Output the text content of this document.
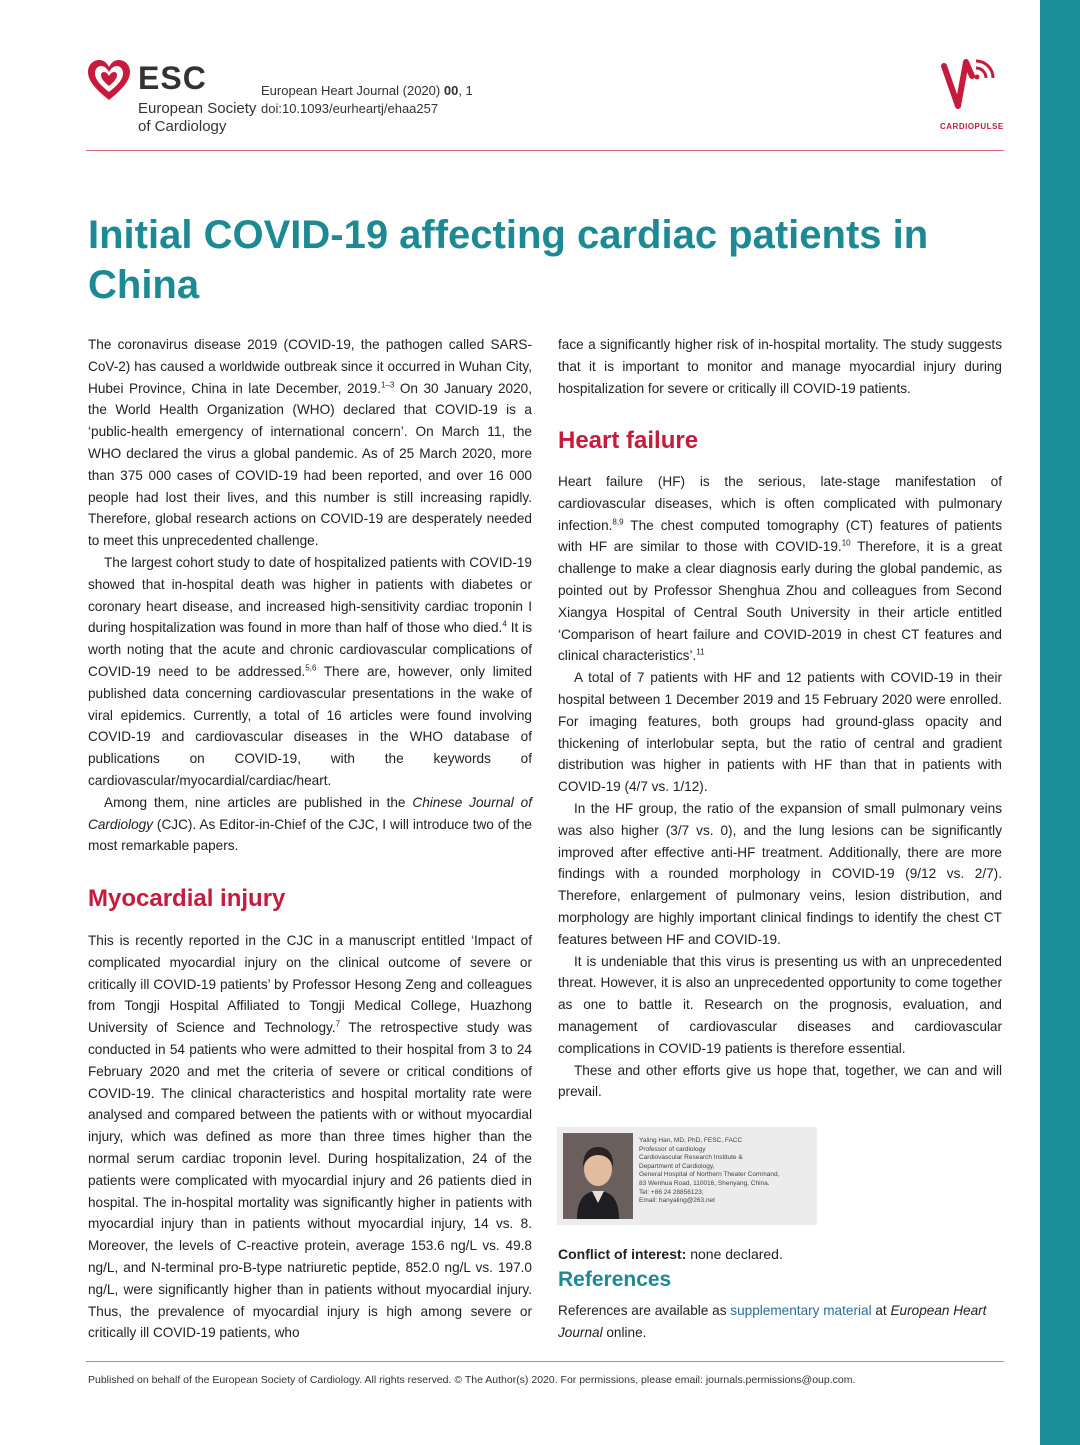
ESC
European Society
of Cardiology
European Heart Journal (2020) 00, 1
doi:10.1093/eurheartj/ehaa257
CARDIOPULSE
Initial COVID-19 affecting cardiac patients in China

The coronavirus disease 2019 (COVID-19, the pathogen called SARS-CoV-2) has caused a worldwide outbreak since it occurred in Wuhan City, Hubei Province, China in late December, 2019.$^{1-3}$ On 30 January 2020, the World Health Organization (WHO) declared that COVID-19 is a ‘public-health emergency of international concern’. On March 11, the WHO declared the virus a global pandemic. As of 25 March 2020, more than 375 000 cases of COVID-19 had been reported, and over 16 000 people had lost their lives, and this number is still increasing rapidly. Therefore, global research actions on COVID-19 are desperately needed to meet this unprecedented challenge.

The largest cohort study to date of hospitalized patients with COVID-19 showed that in-hospital death was higher in patients with diabetes or coronary heart disease, and increased high-sensitivity cardiac troponin I during hospitalization was found in more than half of those who died.$^4$ It is worth noting that the acute and chronic cardiovascular complications of COVID-19 need to be addressed.$^{5,6}$ There are, however, only limited published data concerning cardiovascular presentations in the wake of viral epidemics. Currently, a total of 16 articles were found involving COVID-19 and cardiovascular diseases in the WHO database of publications on COVID-19, with the keywords of cardiovascular/myocardial/cardiac/heart.

Among them, nine articles are published in the Chinese Journal of Cardiology (CJC). As Editor-in-Chief of the CJC, I will introduce two of the most remarkable papers.

Myocardial injury

This is recently reported in the CJC in a manuscript entitled ‘Impact of complicated myocardial injury on the clinical outcome of severe or critically ill COVID-19 patients’ by Professor Hesong Zeng and colleagues from Tongji Hospital Affiliated to Tongji Medical College, Huazhong University of Science and Technology.$^7$ The retrospective study was conducted in 54 patients who were admitted to their hospital from 3 to 24 February 2020 and met the criteria of severe or critical conditions of COVID-19. The clinical characteristics and hospital mortality rate were analysed and compared between the patients with or without myocardial injury, which was defined as more than three times higher than the normal serum cardiac troponin level. During hospitalization, 24 of the patients were complicated with myocardial injury and 26 patients died in hospital. The in-hospital mortality was significantly higher in patients with myocardial injury than in patients without myocardial injury, 14 vs. 8. Moreover, the levels of C-reactive protein, average 153.6 ng/L vs. 49.8 ng/L, and N-terminal pro-B-type natriuretic peptide, 852.0 ng/L vs. 197.0 ng/L, were significantly higher than in patients without myocardial injury. Thus, the prevalence of myocardial injury is high among severe or critically ill COVID-19 patients, who

face a significantly higher risk of in-hospital mortality. The study suggests that it is important to monitor and manage myocardial injury during hospitalization for severe or critically ill COVID-19 patients.

Heart failure

Heart failure (HF) is the serious, late-stage manifestation of cardiovascular diseases, which is often complicated with pulmonary infection.$^{8,9}$ The chest computed tomography (CT) features of patients with HF are similar to those with COVID-19.10 Therefore, it is a great challenge to make a clear diagnosis early during the global pandemic, as pointed out by Professor Shenghua Zhou and colleagues from Second Xiangya Hospital of Central South University in their article entitled ‘Comparison of heart failure and COVID-2019 in chest CT features and clinical characteristics’.$^{11}$

A total of 7 patients with HF and 12 patients with COVID-19 in their hospital between 1 December 2019 and 15 February 2020 were enrolled. For imaging features, both groups had ground-glass opacity and thickening of interlobular septa, but the ratio of central and gradient distribution was higher in patients with HF than that in patients with COVID-19 (4/7 vs. 1/12).

In the HF group, the ratio of the expansion of small pulmonary veins was also higher (3/7 vs. 0), and the lung lesions can be significantly improved after effective anti-HF treatment. Additionally, there are more findings with a rounded morphology in COVID-19 (9/12 vs. 2/7). Therefore, enlargement of pulmonary veins, lesion distribution, and morphology are highly important clinical findings to identify the chest CT features between HF and COVID-19.

It is undeniable that this virus is presenting us with an unprecedented threat. However, it is also an unprecedented opportunity to come together as one to battle it. Research on the prognosis, evaluation, and management of cardiovascular diseases and cardiovascular complications in COVID-19 patients is therefore essential.

These and other efforts give us hope that, together, we can and will prevail.

Yaling Han, MD, PhD, FESC, FACC
Professor of cardiology
Cardiovascular Research Institute &
Department of Cardiology,
General Hospital of Northern Theater Command,
83 Wenhua Road, 110016, Shenyang, China.
Tel: +86 24 28856123;
Email: hanyaling@263.net
Conflict of interest: none declared.
References
References are available as supplementary material at European Heart Journal online.
Published on behalf of the European Society of Cardiology. All rights reserved. © The Author(s) 2020. For permissions, please email: journals.permissions@oup.com.
